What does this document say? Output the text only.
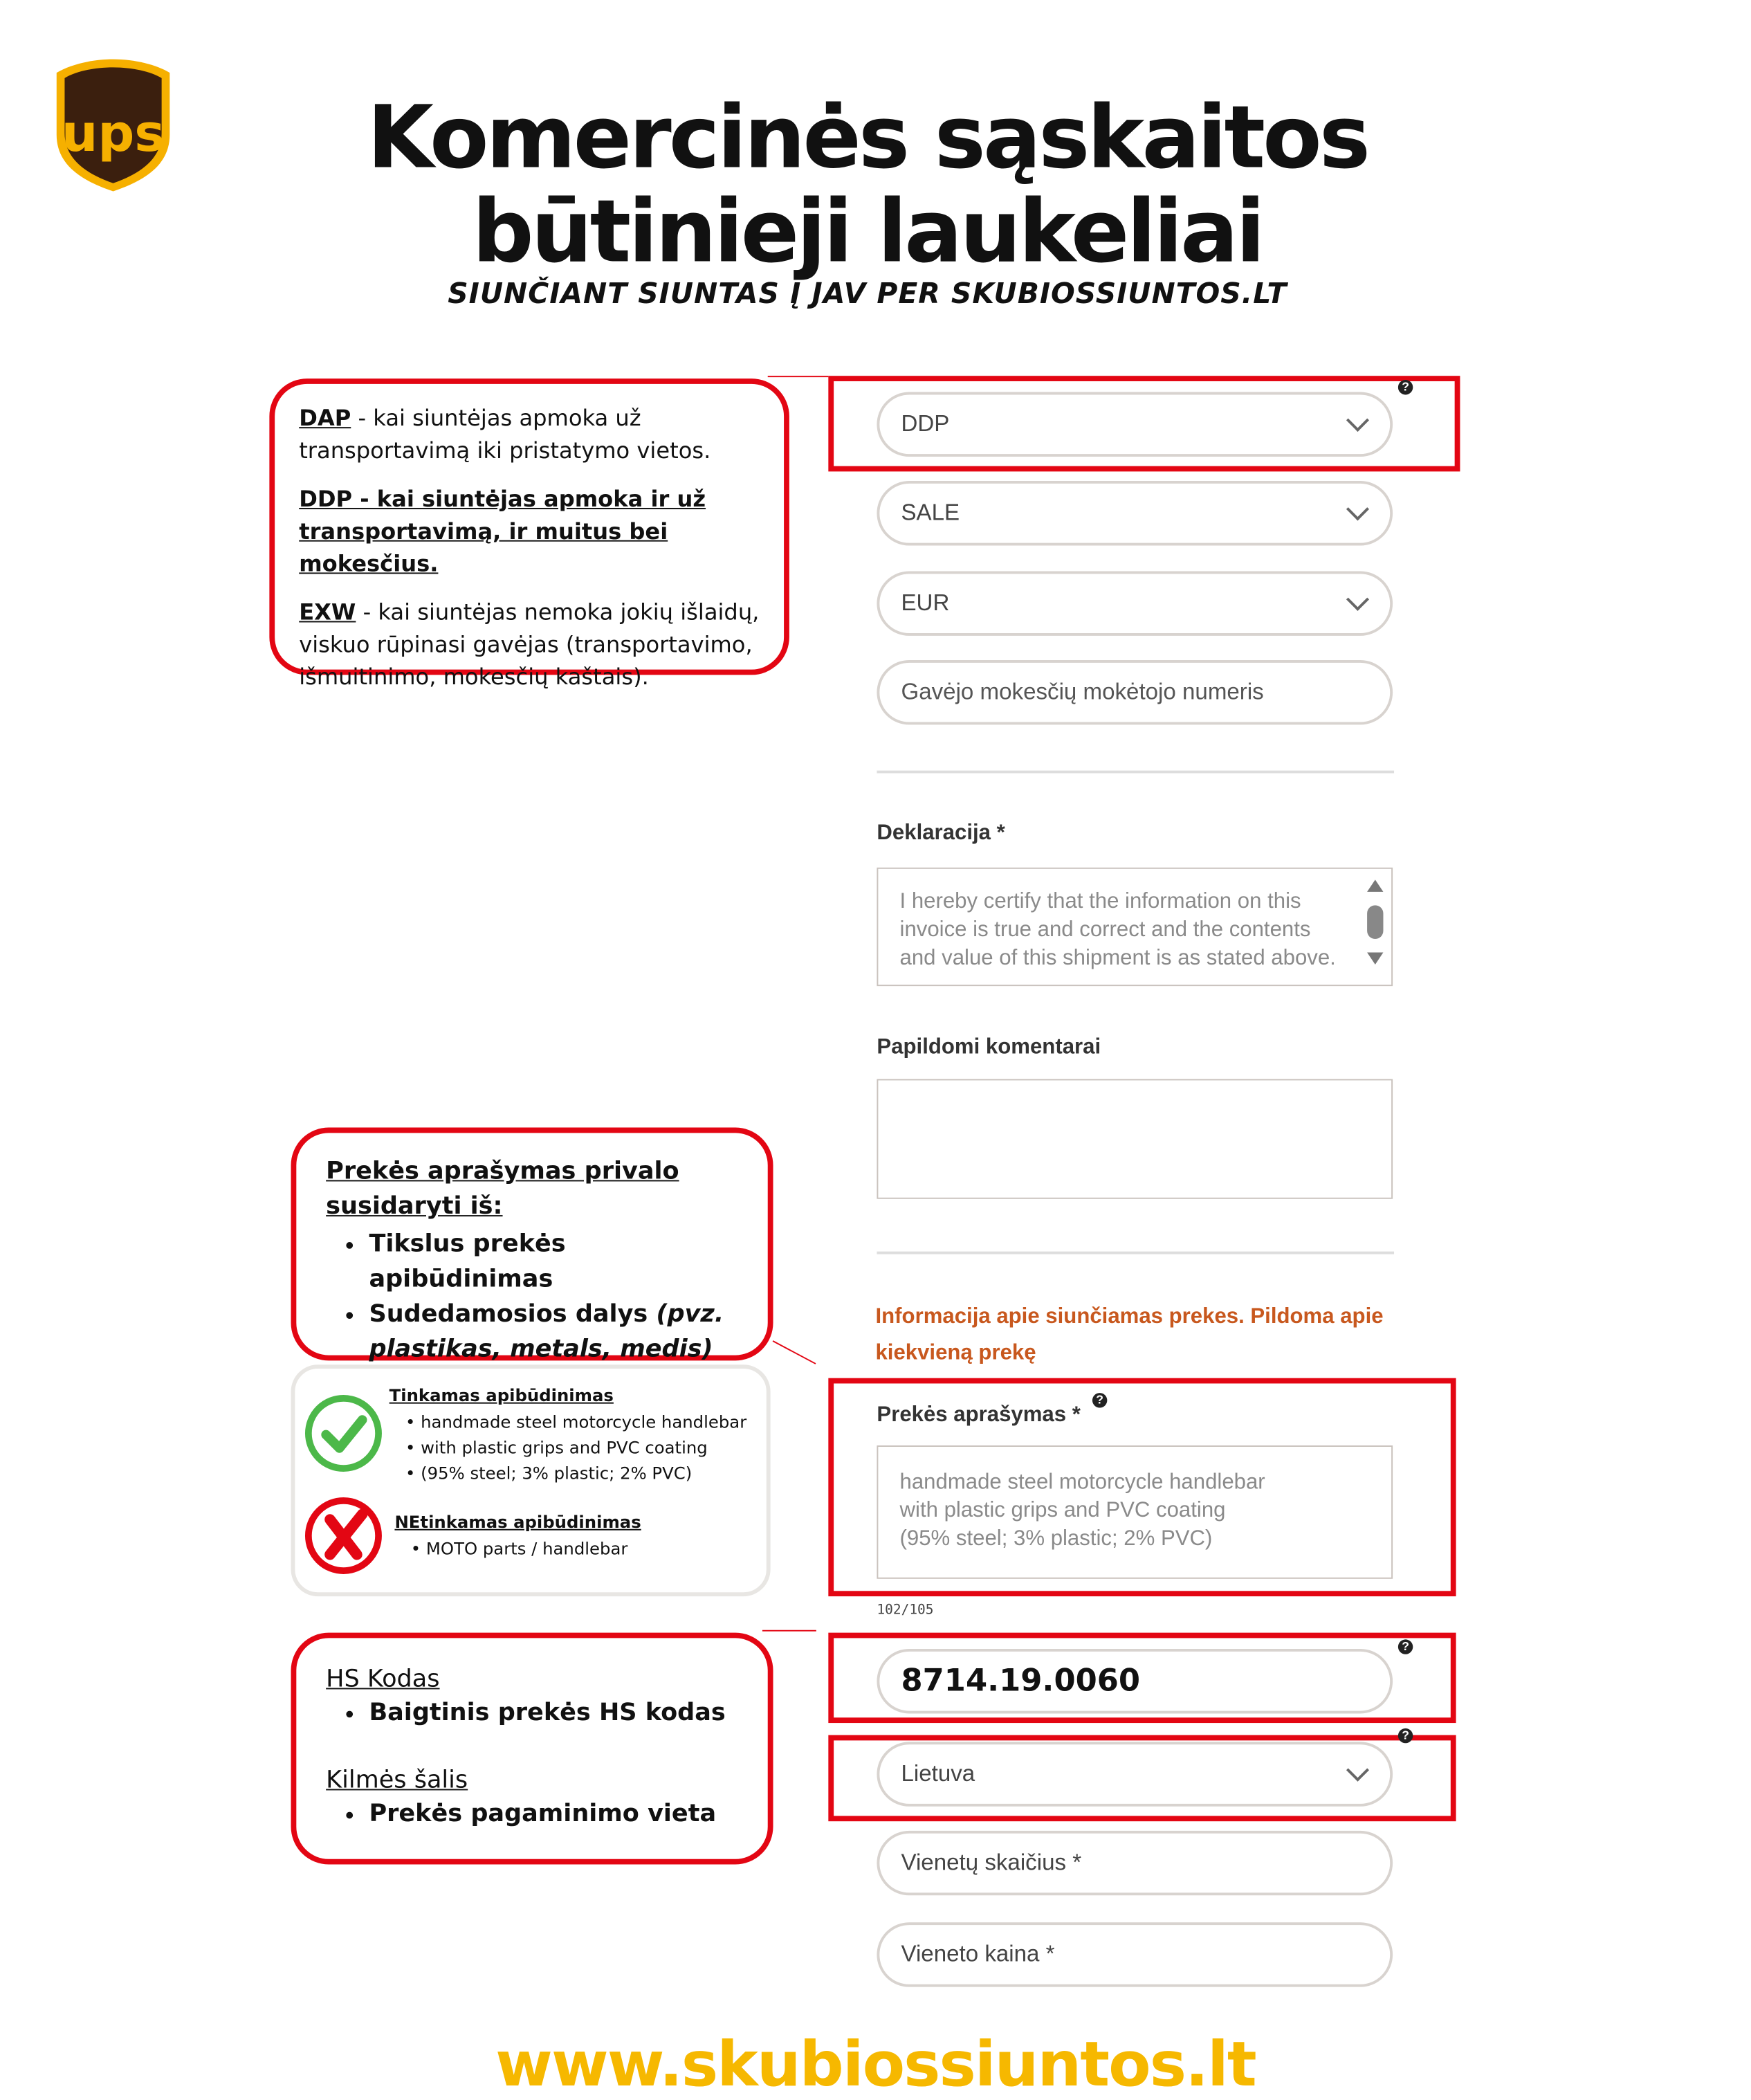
ups	Komercinės sąskaitos
būtinieji laukeliai
SIUNČIANT SIUNTAS Į JAV PER SKUBIOSSIUNTOS.LT

DAP - kai siuntėjas apmoka už transportavimą iki pristatymo vietos.

DDP - kai siuntėjas apmoka ir už transportavimą, ir muitus bei mokesčius.

EXW - kai siuntėjas nemoka jokių išlaidų, viskuo rūpinasi gavėjas (transportavimo, išmuitinimo, mokesčių kaštais).

Prekės aprašymas privalo susidaryti iš:
• Tikslus prekės apibūdinimas
• Sudedamosios dalys (pvz. plastikas, metals, medis)
Tinkamas apibūdinimas
• handmade steel motorcycle handlebar
• with plastic grips and PVC coating
• (95% steel; 3% plastic; 2% PVC)
NEtinkamas apibūdinimas
• MOTO parts / handlebar
HS Kodas
• Baigtinis prekės HS kodas
Kilmės šalis
• Prekės pagaminimo vieta
?
DDP
SALE
EUR
Gavėjo mokesčių mokėtojo numeris
Deklaracija *
I hereby certify that the information on this invoice is true and correct and the contents and value of this shipment is as stated above.
Papildomi komentarai
Informacija apie siunčiamas prekes. Pildoma apie kiekvieną prekę
Prekės aprašymas *
?
handmade steel motorcycle handlebar
with plastic grips and PVC coating
(95% steel; 3% plastic; 2% PVC)
102/105
?
8714.19.0060
?
Lietuva
Vienetų skaičius *
Vieneto kaina *
www.skubiossiuntos.lt
